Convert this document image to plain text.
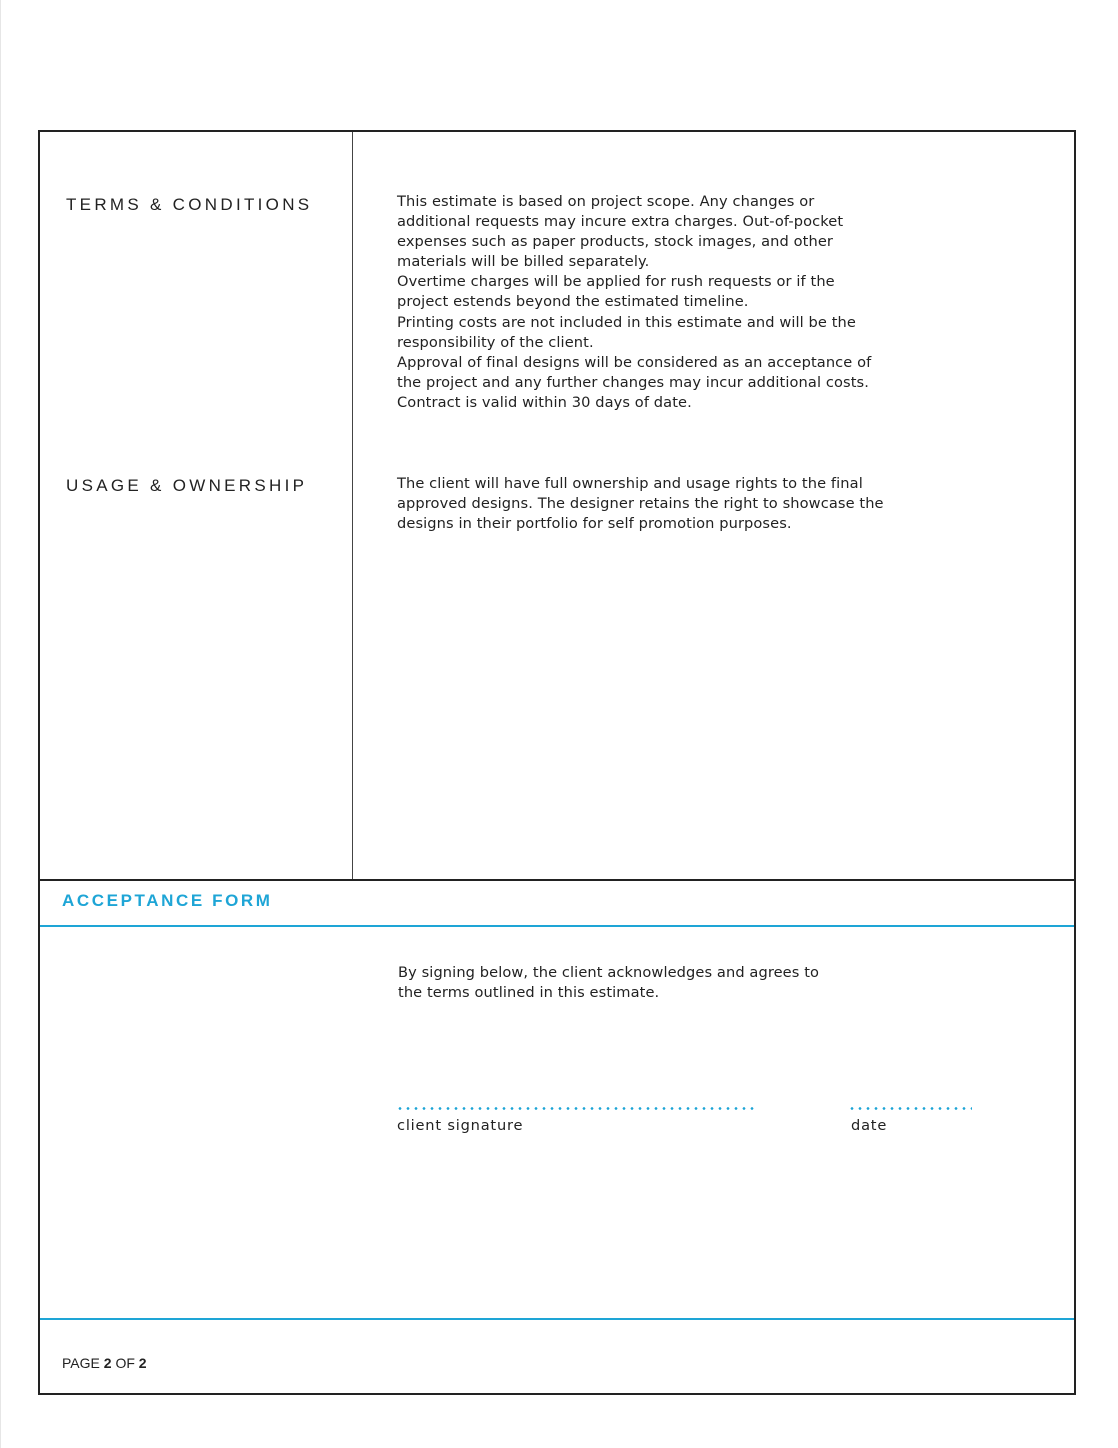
TERMS & CONDITIONS	This estimate is based on project scope. Any changes or
additional requests may incure extra charges. Out-of-pocket
expenses such as paper products, stock images, and other
materials will be billed separately.
Overtime charges will be applied for rush requests or if the
project estends beyond the estimated timeline.
Printing costs are not included in this estimate and will be the
responsibility of the client.
Approval of final designs will be considered as an acceptance of
the project and any further changes may incur additional costs.
Contract is valid within 30 days of date.
USAGE & OWNERSHIP	The client will have full ownership and usage rights to the final
approved designs. The designer retains the right to showcase the
designs in their portfolio for self promotion purposes.
ACCEPTANCE FORM
By signing below, the client acknowledges and agrees to
the terms outlined in this estimate.
client signature	date
PAGE 2 OF 2
